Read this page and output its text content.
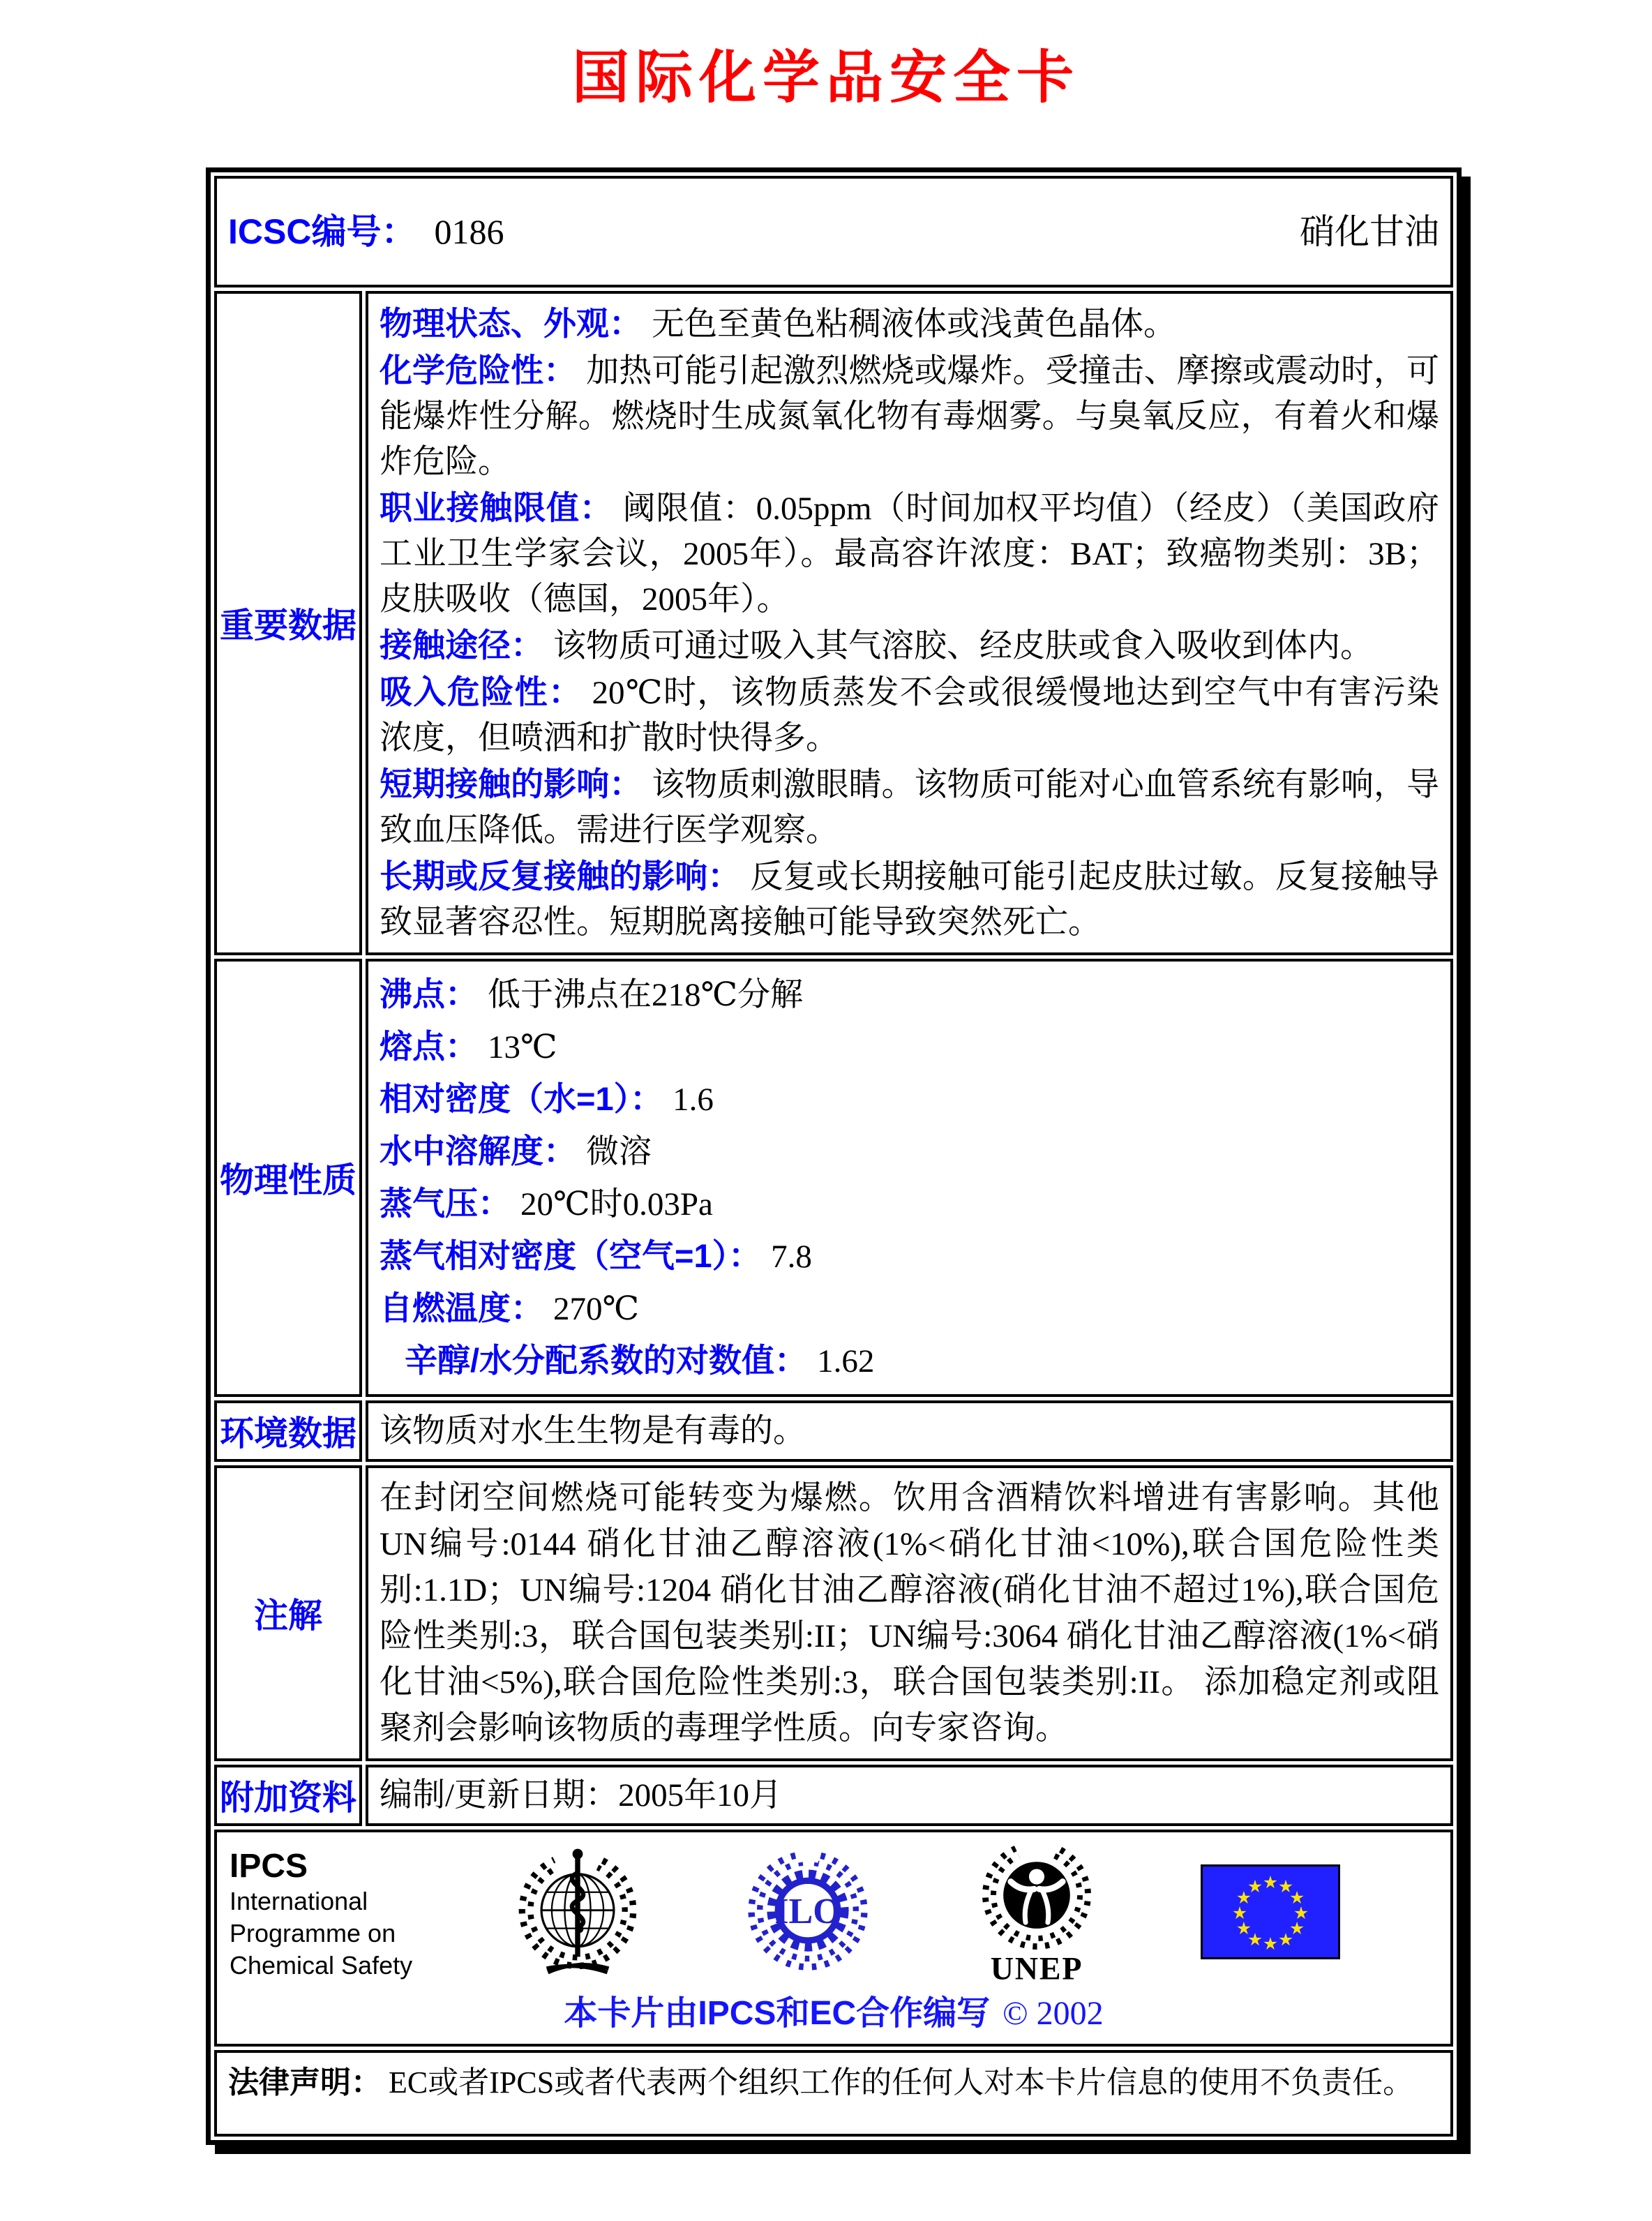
国际化学品安全卡
ICSC编号： 0186	硝化甘油
重要数据
物理状态、外观： 无色至黄色粘稠液体或浅黄色晶体。
化学危险性： 加热可能引起激烈燃烧或爆炸。受撞击、摩擦或震动时，可能爆炸性分解。燃烧时生成氮氧化物有毒烟雾。与臭氧反应，有着火和爆炸危险。
职业接触限值： 阈限值：0.05ppm（时间加权平均值）（经皮）（美国政府工业卫生学家会议，2005年）。最高容许浓度：BAT；致癌物类别：3B；皮肤吸收（德国，2005年）。
接触途径： 该物质可通过吸入其气溶胶、经皮肤或食入吸收到体内。
吸入危险性： 20℃时，该物质蒸发不会或很缓慢地达到空气中有害污染浓度，但喷洒和扩散时快得多。
短期接触的影响： 该物质刺激眼睛。该物质可能对心血管系统有影响，导致血压降低。需进行医学观察。
长期或反复接触的影响： 反复或长期接触可能引起皮肤过敏。反复接触导致显著容忍性。短期脱离接触可能导致突然死亡。
物理性质
沸点： 低于沸点在218℃分解
熔点： 13℃
相对密度（水=1）： 1.6
水中溶解度： 微溶
蒸气压： 20℃时0.03Pa
蒸气相对密度（空气=1）： 7.8
自燃温度： 270℃
辛醇/水分配系数的对数值： 1.62
环境数据 该物质对水生生物是有毒的。
注解
在封闭空间燃烧可能转变为爆燃。饮用含酒精饮料增进有害影响。其他UN编号:0144 硝化甘油乙醇溶液(1%<硝化甘油<10%),联合国危险性类别:1.1D；UN编号:1204 硝化甘油乙醇溶液(硝化甘油不超过1%),联合国危险性类别:3，联合国包装类别:II；UN编号:3064 硝化甘油乙醇溶液(1%<硝化甘油<5%),联合国危险性类别:3，联合国包装类别:II。 添加稳定剂或阻聚剂会影响该物质的毒理学性质。向专家咨询。
附加资料 编制/更新日期： 2005年10月
IPCS
International
Programme on
Chemical Safety
ILO
UNEP
本卡片由IPCS和EC合作编写 © 2002
法律声明： EC或者IPCS或者代表两个组织工作的任何人对本卡片信息的使用不负责任。
